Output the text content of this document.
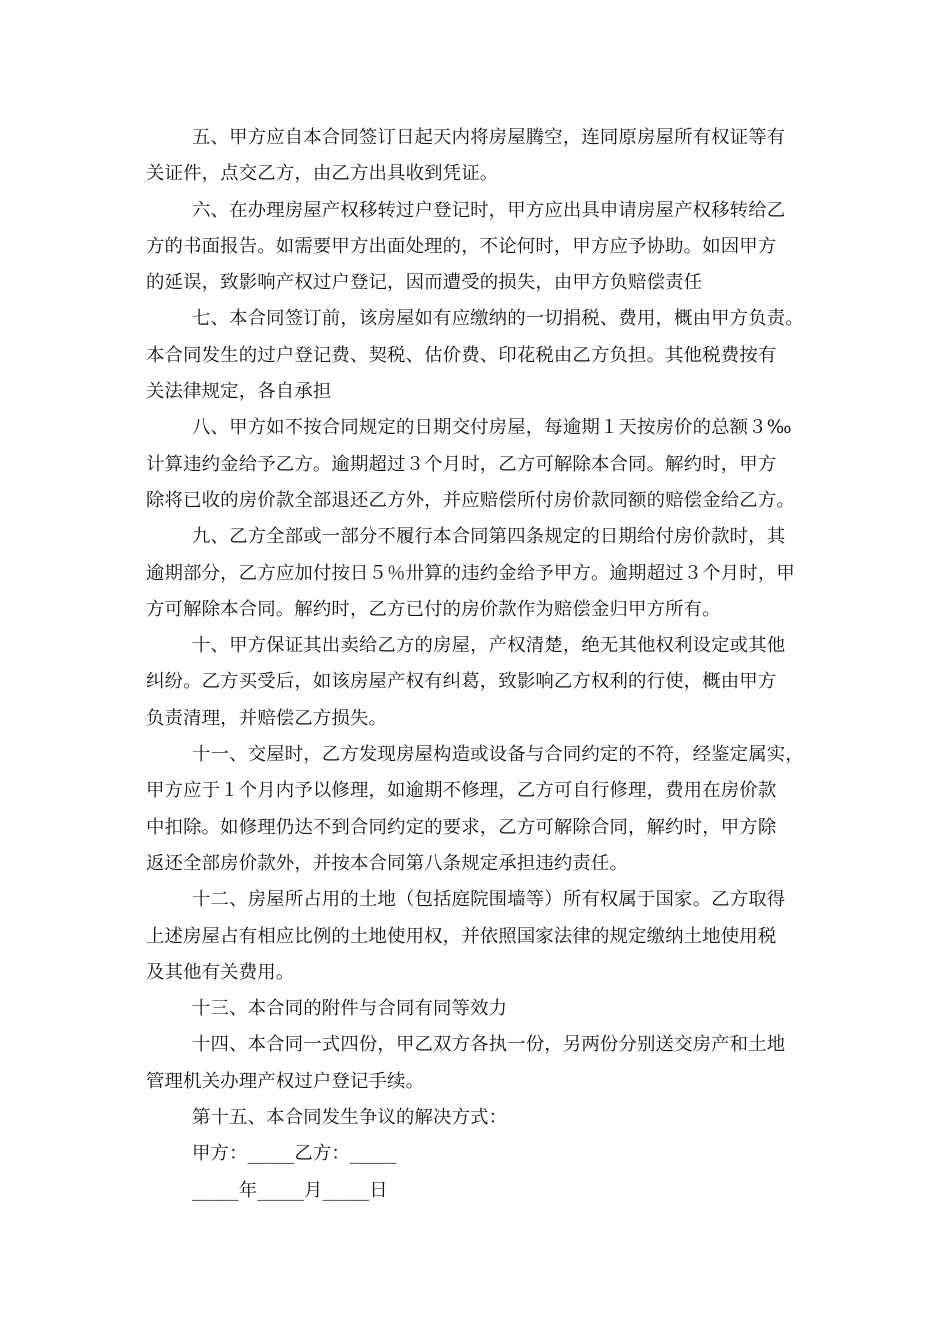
五、甲方应自本合同签订日起天内将房屋腾空，连同原房屋所有权证等有
关证件，点交乙方，由乙方出具收到凭证。
六、在办理房屋产权移转过户登记时，甲方应出具申请房屋产权移转给乙
方的书面报告。如需要甲方出面处理的，不论何时，甲方应予协助。如因甲方
的延误，致影响产权过户登记，因而遭受的损失，由甲方负赔偿责任
七、本合同签订前，该房屋如有应缴纳的一切捐税、费用，概由甲方负责。
本合同发生的过户登记费、契税、估价费、印花税由乙方负担。其他税费按有
关法律规定，各自承担
八、甲方如不按合同规定的日期交付房屋，每逾期１天按房价的总额３‰
计算违约金给予乙方。逾期超过３个月时，乙方可解除本合同。解约时，甲方
除将已收的房价款全部退还乙方外，并应赔偿所付房价款同额的赔偿金给乙方。
九、乙方全部或一部分不履行本合同第四条规定的日期给付房价款时，其
逾期部分，乙方应加付按日５％卅算的违约金给予甲方。逾期超过３个月时，甲
方可解除本合同。解约时，乙方已付的房价款作为赔偿金归甲方所有。
十、甲方保证其出卖给乙方的房屋，产权清楚，绝无其他权利设定或其他
纠纷。乙方买受后，如该房屋产权有纠葛，致影响乙方权利的行使，概由甲方
负责清理，并赔偿乙方损失。
十一、交屋时，乙方发现房屋构造或设备与合同约定的不符，经鉴定属实，
甲方应于１个月内予以修理，如逾期不修理，乙方可自行修理，费用在房价款
中扣除。如修理仍达不到合同约定的要求，乙方可解除合同，解约时，甲方除
返还全部房价款外，并按本合同第八条规定承担违约责任。
十二、房屋所占用的土地（包括庭院围墙等）所有权属于国家。乙方取得
上述房屋占有相应比例的土地使用权，并依照国家法律的规定缴纳土地使用税
及其他有关费用。
十三、本合同的附件与合同有同等效力
十四、本合同一式四份，甲乙双方各执一份，另两份分别送交房产和土地
管理机关办理产权过户登记手续。
第十五、本合同发生争议的解决方式：
甲方：_____乙方：_____
_____年_____月_____日
